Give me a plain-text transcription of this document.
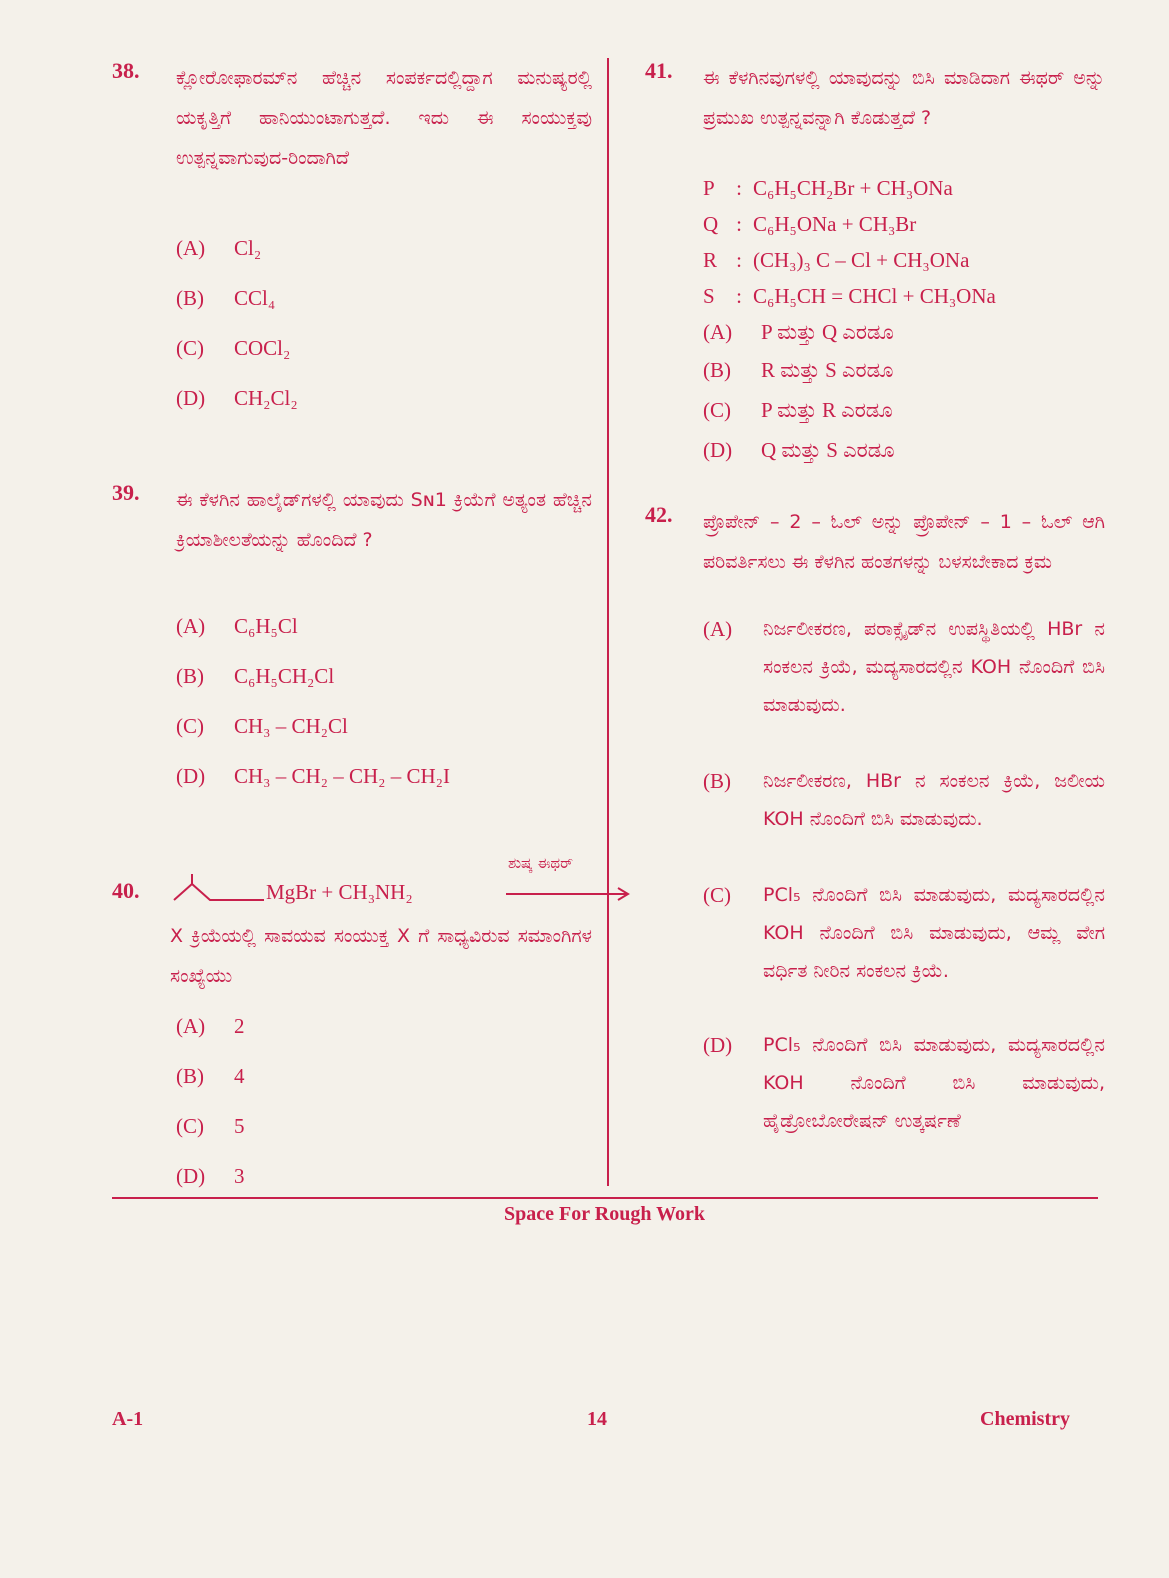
38. ಕ್ಲೋರೋಫಾರಮ್‌ನ ಹೆಚ್ಚಿನ ಸಂಪರ್ಕದಲ್ಲಿದ್ದಾಗ ಮನುಷ್ಯರಲ್ಲಿ ಯಕೃತ್ತಿಗೆ ಹಾನಿಯುಂಟಾಗುತ್ತದೆ. ಇದು ಈ ಸಂಯುಕ್ತವು ಉತ್ಪನ್ನವಾಗುವುದ-ರಿಂದಾಗಿದೆ
(A) Cl₂
(B) CCl₄
(C) COCl₂
(D) CH₂Cl₂
39. ಈ ಕೆಳಗಿನ ಹಾಲೈಡ್‌ಗಳಲ್ಲಿ ಯಾವುದು Sɴ1 ಕ್ರಿಯೆಗೆ ಅತ್ಯಂತ ಹೆಚ್ಚಿನ ಕ್ರಿಯಾಶೀಲತೆಯನ್ನು ಹೊಂದಿದೆ ?
(A) C₆H₅Cl
(B) C₆H₅CH₂Cl
(C) CH₃ – CH₂Cl
(D) CH₃ – CH₂ – CH₂ – CH₂I
40.	MgBr + CH₃NH₂
ಶುಷ್ಕ ಈಥರ್
X ಕ್ರಿಯೆಯಲ್ಲಿ ಸಾವಯವ ಸಂಯುಕ್ತ X ಗೆ ಸಾಧ್ಯವಿರುವ ಸಮಾಂಗಿಗಳ ಸಂಖ್ಯೆಯು
(A) 2
(B) 4
(C) 5
(D) 3
41. ಈ ಕೆಳಗಿನವುಗಳಲ್ಲಿ ಯಾವುದನ್ನು ಬಿಸಿ ಮಾಡಿದಾಗ ಈಥರ್ ಅನ್ನು ಪ್ರಮುಖ ಉತ್ಪನ್ನವನ್ನಾಗಿ ಕೊಡುತ್ತದೆ ?
P : C₆H₅CH₂Br + CH₃ONa
Q : C₆H₅ONa + CH₃Br
R : (CH₃)₃ C – Cl + CH₃ONa
S : C₆H₅CH = CHCl + CH₃ONa
(A) P ಮತ್ತು Q ಎರಡೂ
(B) R ಮತ್ತು S ಎರಡೂ
(C) P ಮತ್ತು R ಎರಡೂ
(D) Q ಮತ್ತು S ಎರಡೂ
42. ಪ್ರೊಪೇನ್ – 2 – ಓಲ್ ಅನ್ನು ಪ್ರೊಪೇನ್ – 1 – ಓಲ್ ಆಗಿ ಪರಿವರ್ತಿಸಲು ಈ ಕೆಳಗಿನ ಹಂತಗಳನ್ನು ಬಳಸಬೇಕಾದ ಕ್ರಮ
(A)	ನಿರ್ಜಲೀಕರಣ, ಪರಾಕ್ಸೈಡ್‌ನ ಉಪಸ್ಥಿತಿಯಲ್ಲಿ HBr ನ ಸಂಕಲನ ಕ್ರಿಯೆ, ಮದ್ಯಸಾರದಲ್ಲಿನ KOH ನೊಂದಿಗೆ ಬಿಸಿ ಮಾಡುವುದು.
(B)	ನಿರ್ಜಲೀಕರಣ, HBr ನ ಸಂಕಲನ ಕ್ರಿಯೆ, ಜಲೀಯ KOH ನೊಂದಿಗೆ ಬಿಸಿ ಮಾಡುವುದು.
(C)	PCl₅ ನೊಂದಿಗೆ ಬಿಸಿ ಮಾಡುವುದು, ಮದ್ಯಸಾರದಲ್ಲಿನ KOH ನೊಂದಿಗೆ ಬಿಸಿ ಮಾಡುವುದು, ಆಮ್ಲ ವೇಗ ವರ್ಧಿತ ನೀರಿನ ಸಂಕಲನ ಕ್ರಿಯೆ.
(D)	PCl₅ ನೊಂದಿಗೆ ಬಿಸಿ ಮಾಡುವುದು, ಮದ್ಯಸಾರದಲ್ಲಿನ KOH ನೊಂದಿಗೆ ಬಿಸಿ ಮಾಡುವುದು, ಹೈಡ್ರೋಬೋರೇಷನ್ ಉತ್ಕರ್ಷಣೆ
Space For Rough Work
A-1	14	Chemistry
